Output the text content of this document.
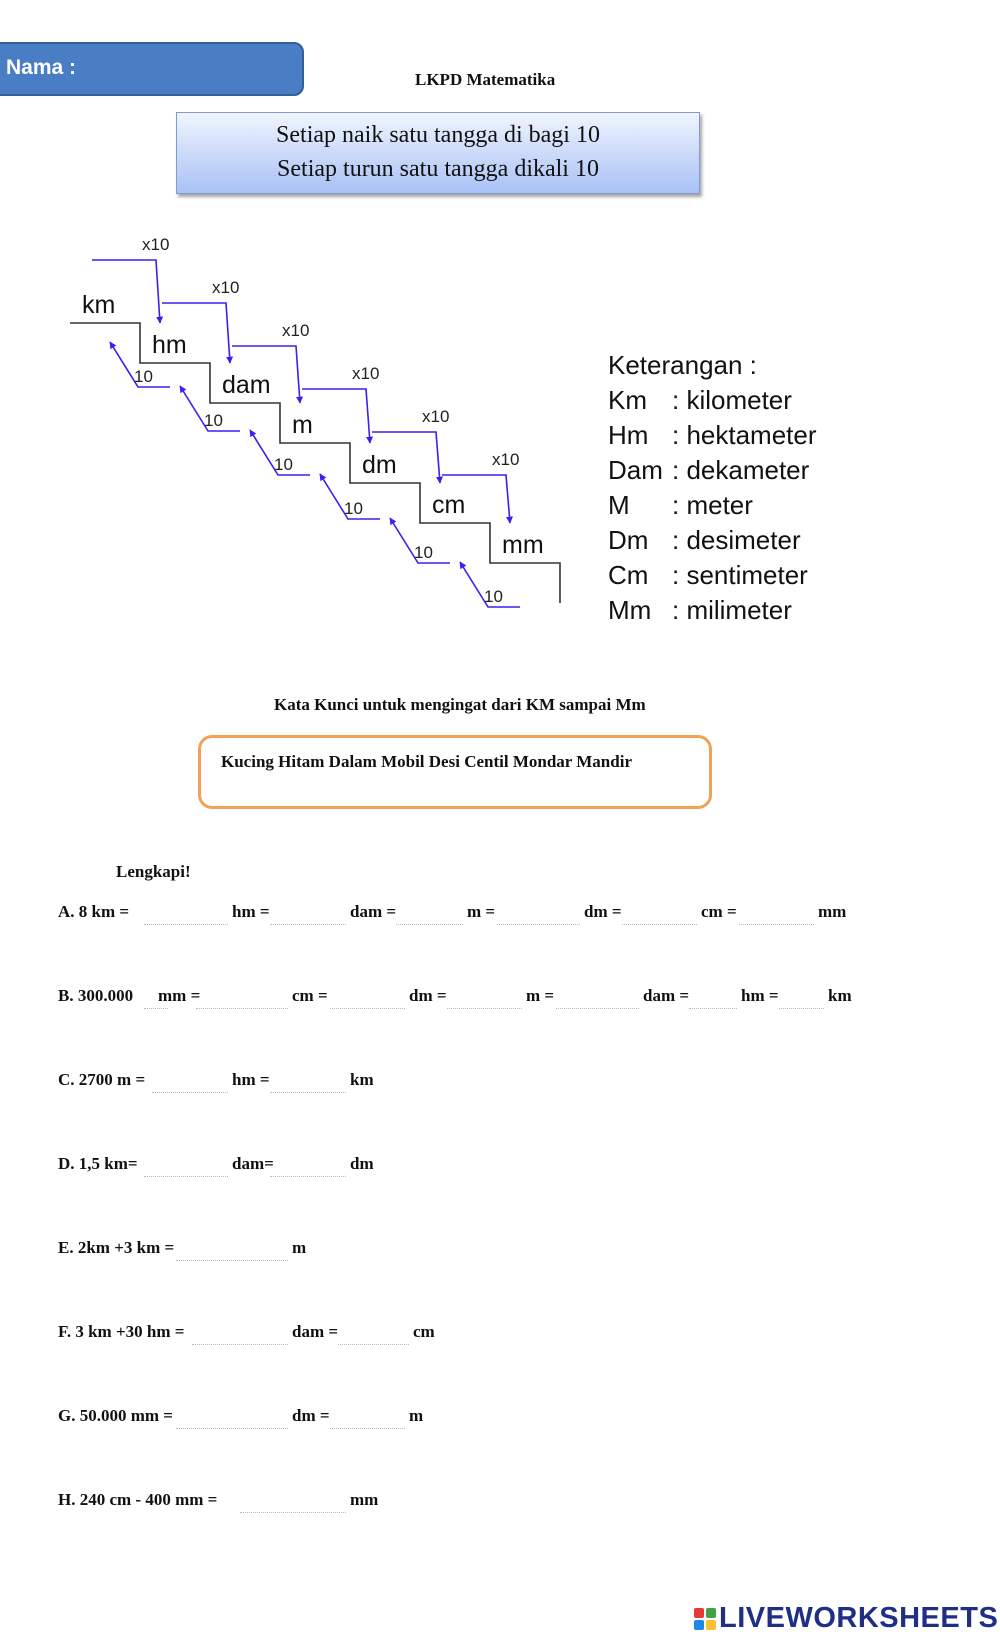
Nama :
LKPD Matematika
Setiap naik satu tangga di bagi 10
Setiap turun satu tangga dikali 10
km
hm
dam
m
dm
cm
mm
x10
10
x10
10
x10
10
x10
10
x10
10
x10
10
Keterangan :
Km : kilometer
Hm : hektameter
Dam : dekameter
M : meter
Dm : desimeter
Cm : sentimeter
Mm : milimeter
Kata Kunci untuk mengingat dari KM sampai Mm
Kucing Hitam Dalam Mobil Desi Centil Mondar Mandir
Lengkapi!
A. 8 km =	hm =	dam =	m =	dm =	cm =	mm
B. 300.000 mm =	cm =	dm =	m =	dam =	hm =	km
C. 2700 m =	hm =	km
D. 1,5 km=	dam=	dm
E. 2km +3 km =	m
F. 3 km +30 hm =	dam =	cm
G. 50.000 mm =	dm =	m
H. 240 cm - 400 mm =	mm
LIVEWORKSHEETS
